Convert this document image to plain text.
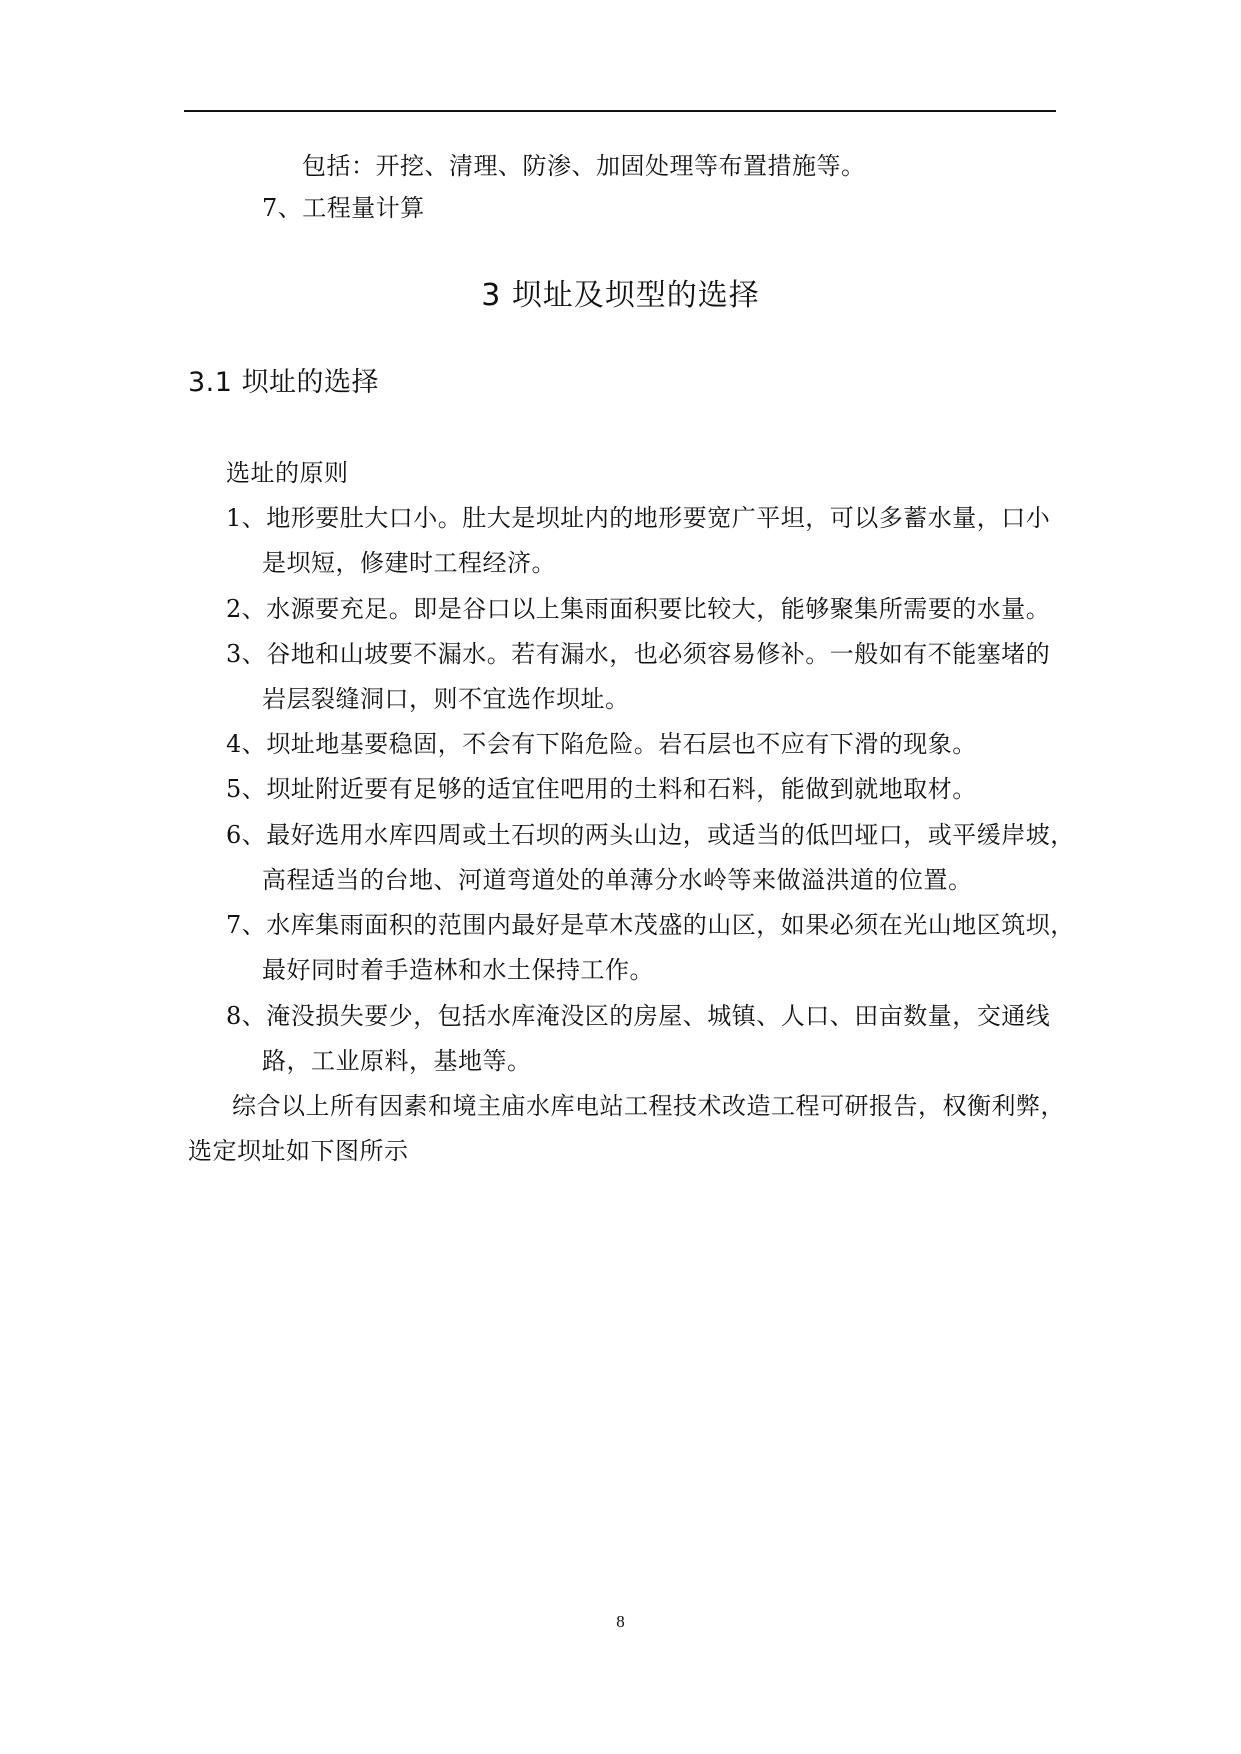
包括：开挖、清理、防渗、加固处理等布置措施等。
7、工程量计算
3 坝址及坝型的选择
3.1 坝址的选择
选址的原则
1、地形要肚大口小。肚大是坝址内的地形要宽广平坦，可以多蓄水量，口小
是坝短，修建时工程经济。
2、水源要充足。即是谷口以上集雨面积要比较大，能够聚集所需要的水量。
3、谷地和山坡要不漏水。若有漏水，也必须容易修补。一般如有不能塞堵的
岩层裂缝洞口，则不宜选作坝址。
4、坝址地基要稳固，不会有下陷危险。岩石层也不应有下滑的现象。
5、坝址附近要有足够的适宜住吧用的土料和石料，能做到就地取材。
6、最好选用水库四周或土石坝的两头山边，或适当的低凹垭口，或平缓岸坡，
高程适当的台地、河道弯道处的单薄分水岭等来做溢洪道的位置。
7、水库集雨面积的范围内最好是草木茂盛的山区，如果必须在光山地区筑坝，
最好同时着手造林和水土保持工作。
8、淹没损失要少，包括水库淹没区的房屋、城镇、人口、田亩数量，交通线
路，工业原料，基地等。
综合以上所有因素和境主庙水库电站工程技术改造工程可研报告，权衡利弊，
选定坝址如下图所示
8
